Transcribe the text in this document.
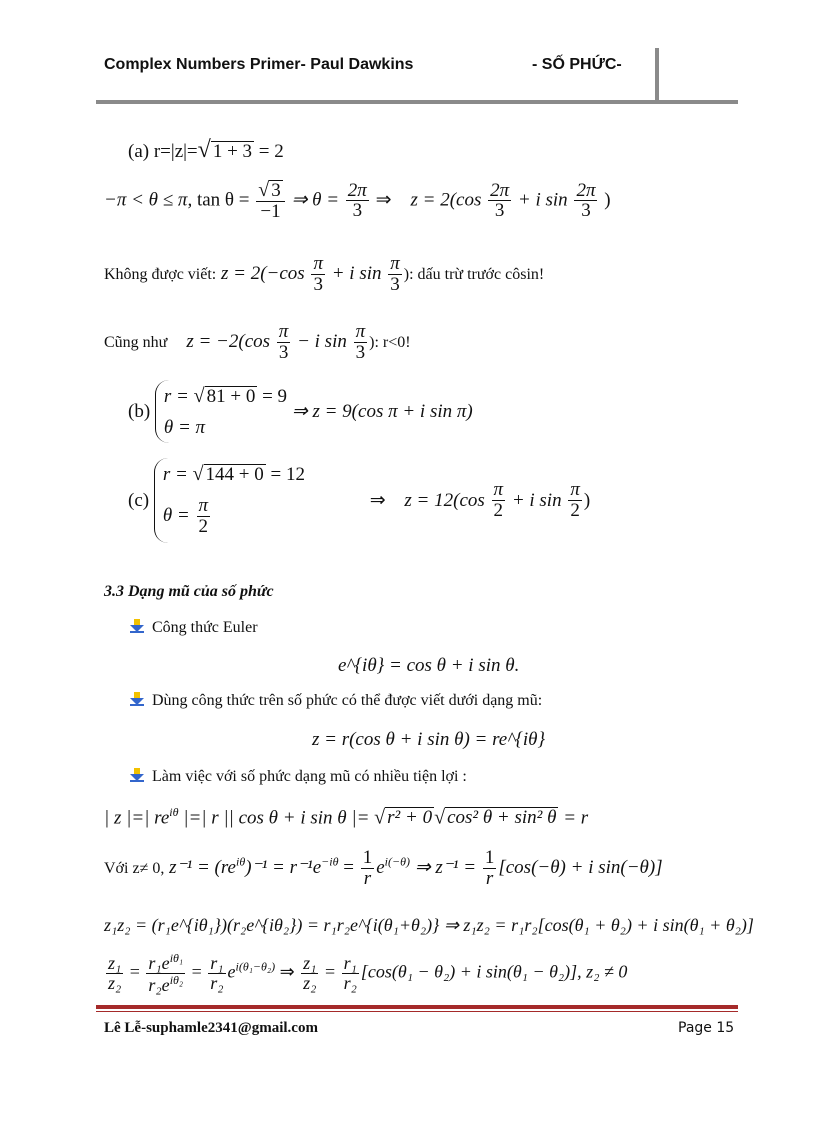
Complex Numbers Primer- Paul Dawkins	- SỐ PHỨC-
(a) r=|z|=√ 1 + 3 = 2
−π < θ ≤ π, $\tan \theta = \frac{√ 3}{-1}$ ⇒ $\theta = \frac{2\pi}{3}$ ⇒    $z = 2(\cos \frac{2\pi}{3} + i$ $\sin \frac{2\pi}{3}$ )
Không được viết: $z = 2(-\cos \frac{\pi}{3} + i$ $\sin \frac{\pi}{3}$ ): dấu trừ trước côsin!
Cũng như $z = -2(\cos \frac{\pi}{3} - i$ $\sin \frac{\pi}{3}$ ): r<0!
(b)
r = √ 81 + 0 = 9
θ = π
⇒ z = 9(cos π + i sin π)
(c)
r = √ 144 + 0 = 12
$\theta = \frac{\pi}{2}$	⇒ $z = 12(\cos \frac{\pi}{2} + i$ $\sin \frac{\pi}{2}$ )
3.3 Dạng mũ của số phức
Công thức Euler
e^{iθ} = cos θ + i sin θ.
Dùng công thức trên số phức có thể được viết dưới dạng mũ:
z = r(cos θ + i sin θ) = re^{iθ}
Làm việc với số phức dạng mũ có nhiều tiện lợi :
| z |=| $re^{i\theta}$ |=| r || cos θ + i sin θ |= √ r² + 0 √ cos² θ + sin² θ = r
Với z≠ 0, $z^{-1} = (re^{i\theta})^{-1} = r^{-1}e^{-i\theta} = \frac{1}{r} e^{i(-\theta)}$ ⇒ $z^{-1} = \frac{1}{r} [\cos(-\theta) + i$ sin(−θ)]
z₁z₂ = (r₁e^{iθ₁})(r₂e^{iθ₂}) = r₁r₂e^{i(θ₁+θ₂)} ⇒ z₁z₂ = r₁r₂[cos(θ₁ + θ₂) + i sin(θ₁ + θ₂)]
$\frac{\text{z₁}}{\text{z₂}} = \frac{r_1e^{i\theta_1}}{r_2e^{i\theta_2}} = \frac{\text{r₁}}{\text{r₂}} e^{i(\theta_1-\theta_2)}$ ⇒ $\frac{\text{z₁}}{\text{z₂}} = \frac{\text{r₁}}{\text{r₂}} [\cos(\theta_1 - \theta_2) + i$ sin(θ₁ − θ₂)], z₂ ≠ 0
Lê Lễ-suphamle2341@gmail.com	Page 15
